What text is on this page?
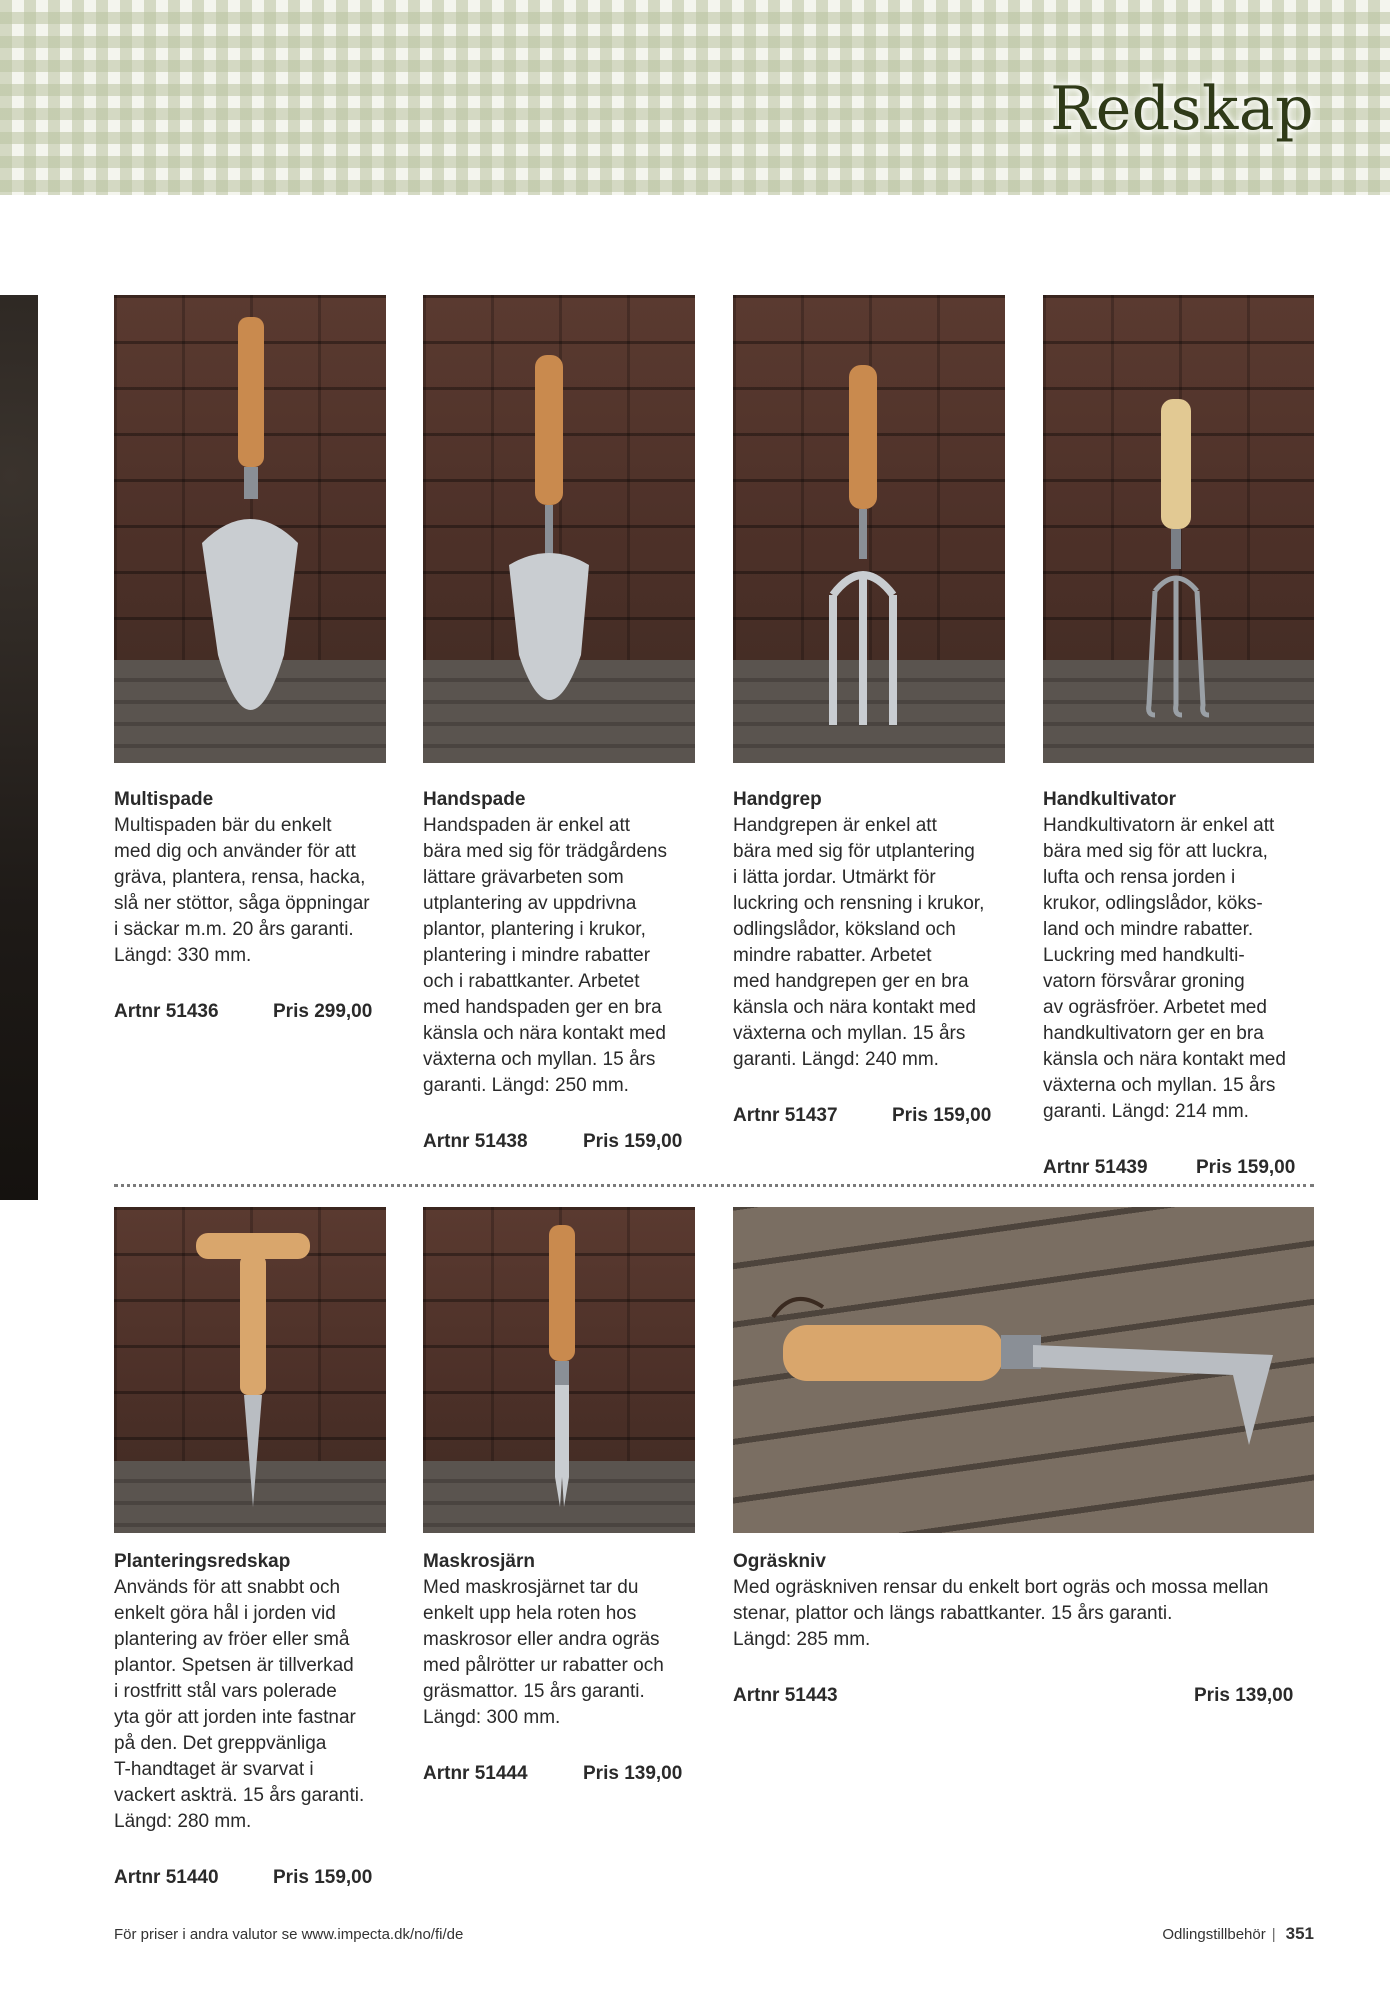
Redskap
Multispade
Multispaden bär du enkelt
med dig och använder för att
gräva, plantera, rensa, hacka,
slå ner stöttor, såga öppningar
i säckar m.m. 20 års garanti.
Längd: 330 mm.
Artnr 51436	Pris 299,00
Handspade
Handspaden är enkel att
bära med sig för trädgårdens
lättare grävarbeten som
utplantering av uppdrivna
plantor, plantering i krukor,
plantering i mindre rabatter
och i rabattkanter. Arbetet
med handspaden ger en bra
känsla och nära kontakt med
växterna och myllan. 15 års
garanti. Längd: 250 mm.
Artnr 51438	Pris 159,00
Handgrep
Handgrepen är enkel att
bära med sig för utplantering
i lätta jordar. Utmärkt för
luckring och rensning i krukor,
odlingslådor, köksland och
mindre rabatter. Arbetet
med handgrepen ger en bra
känsla och nära kontakt med
växterna och myllan. 15 års
garanti. Längd: 240 mm.
Artnr 51437	Pris 159,00
Handkultivator
Handkultivatorn är enkel att
bära med sig för att luckra,
lufta och rensa jorden i
krukor, odlingslådor, köks-
land och mindre rabatter.
Luckring med handkulti-
vatorn försvårar groning
av ogräsfröer. Arbetet med
handkultivatorn ger en bra
känsla och nära kontakt med
växterna och myllan. 15 års
garanti. Längd: 214 mm.
Artnr 51439	Pris 159,00
Planteringsredskap
Används för att snabbt och
enkelt göra hål i jorden vid
plantering av fröer eller små
plantor. Spetsen är tillverkad
i rostfritt stål vars polerade
yta gör att jorden inte fastnar
på den. Det greppvänliga
T-handtaget är svarvat i
vackert askträ. 15 års garanti.
Längd: 280 mm.
Artnr 51440	Pris 159,00
Maskrosjärn
Med maskrosjärnet tar du
enkelt upp hela roten hos
maskrosor eller andra ogräs
med pålrötter ur rabatter och
gräsmattor. 15 års garanti.
Längd: 300 mm.
Artnr 51444	Pris 139,00
Ogräskniv
Med ogräskniven rensar du enkelt bort ogräs och mossa mellan
stenar, plattor och längs rabattkanter. 15 års garanti.
Längd: 285 mm.
Artnr 51443	Pris 139,00
För priser i andra valutor se www.impecta.dk/no/fi/de	Odlingstillbehör | 351
